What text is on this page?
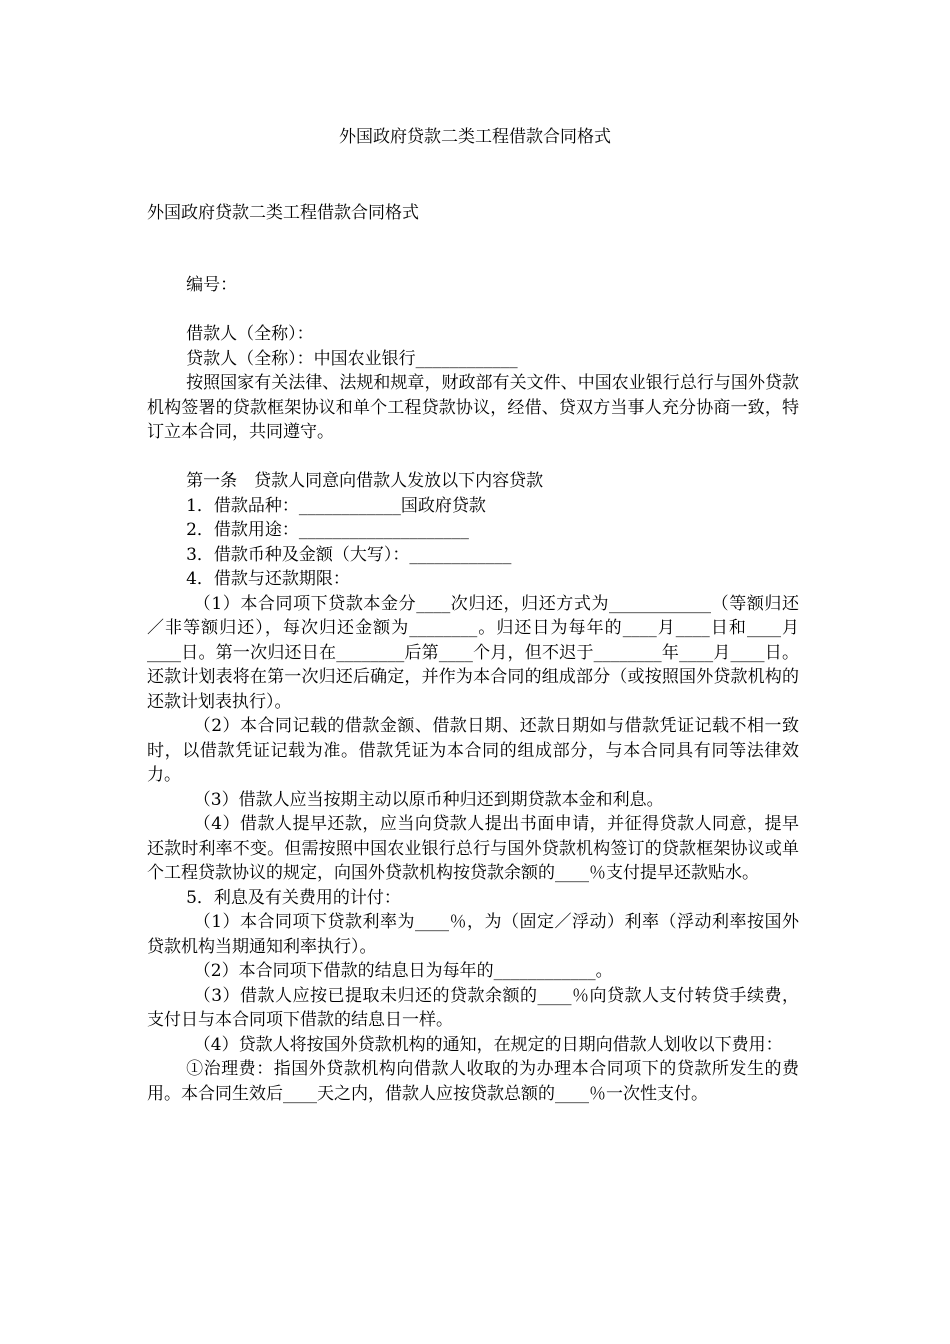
外国政府贷款二类工程借款合同格式
外国政府贷款二类工程借款合同格式

编号：

借款人（全称）：

贷款人（全称）：中国农业银行____________

按照国家有关法律、法规和规章，财政部有关文件、中国农业银行总行与国外贷款机构签署的贷款框架协议和单个工程贷款协议，经借、贷双方当事人充分协商一致，特订立本合同，共同遵守。

第一条　贷款人同意向借款人发放以下内容贷款

1．借款品种：____________国政府贷款

2．借款用途：____________________

3．借款币种及金额（大写）：____________

4．借款与还款期限：

（1）本合同项下贷款本金分____次归还，归还方式为____________（等额归还／非等额归还），每次归还金额为________。归还日为每年的____月____日和____月____日。第一次归还日在________后第____个月，但不迟于________年____月____日。还款计划表将在第一次归还后确定，并作为本合同的组成部分（或按照国外贷款机构的还款计划表执行）。

（2）本合同记载的借款金额、借款日期、还款日期如与借款凭证记载不相一致时，以借款凭证记载为准。借款凭证为本合同的组成部分，与本合同具有同等法律效力。

（3）借款人应当按期主动以原币种归还到期贷款本金和利息。

（4）借款人提早还款，应当向贷款人提出书面申请，并征得贷款人同意，提早还款时利率不变。但需按照中国农业银行总行与国外贷款机构签订的贷款框架协议或单个工程贷款协议的规定，向国外贷款机构按贷款余额的____％支付提早还款贴水。

5．利息及有关费用的计付：

（1）本合同项下贷款利率为____％，为（固定／浮动）利率（浮动利率按国外贷款机构当期通知利率执行）。

（2）本合同项下借款的结息日为每年的____________。

（3）借款人应按已提取未归还的贷款余额的____％向贷款人支付转贷手续费，支付日与本合同项下借款的结息日一样。

（4）贷款人将按国外贷款机构的通知，在规定的日期向借款人划收以下费用：

①治理费：指国外贷款机构向借款人收取的为办理本合同项下的贷款所发生的费用。本合同生效后____天之内，借款人应按贷款总额的____％一次性支付。
